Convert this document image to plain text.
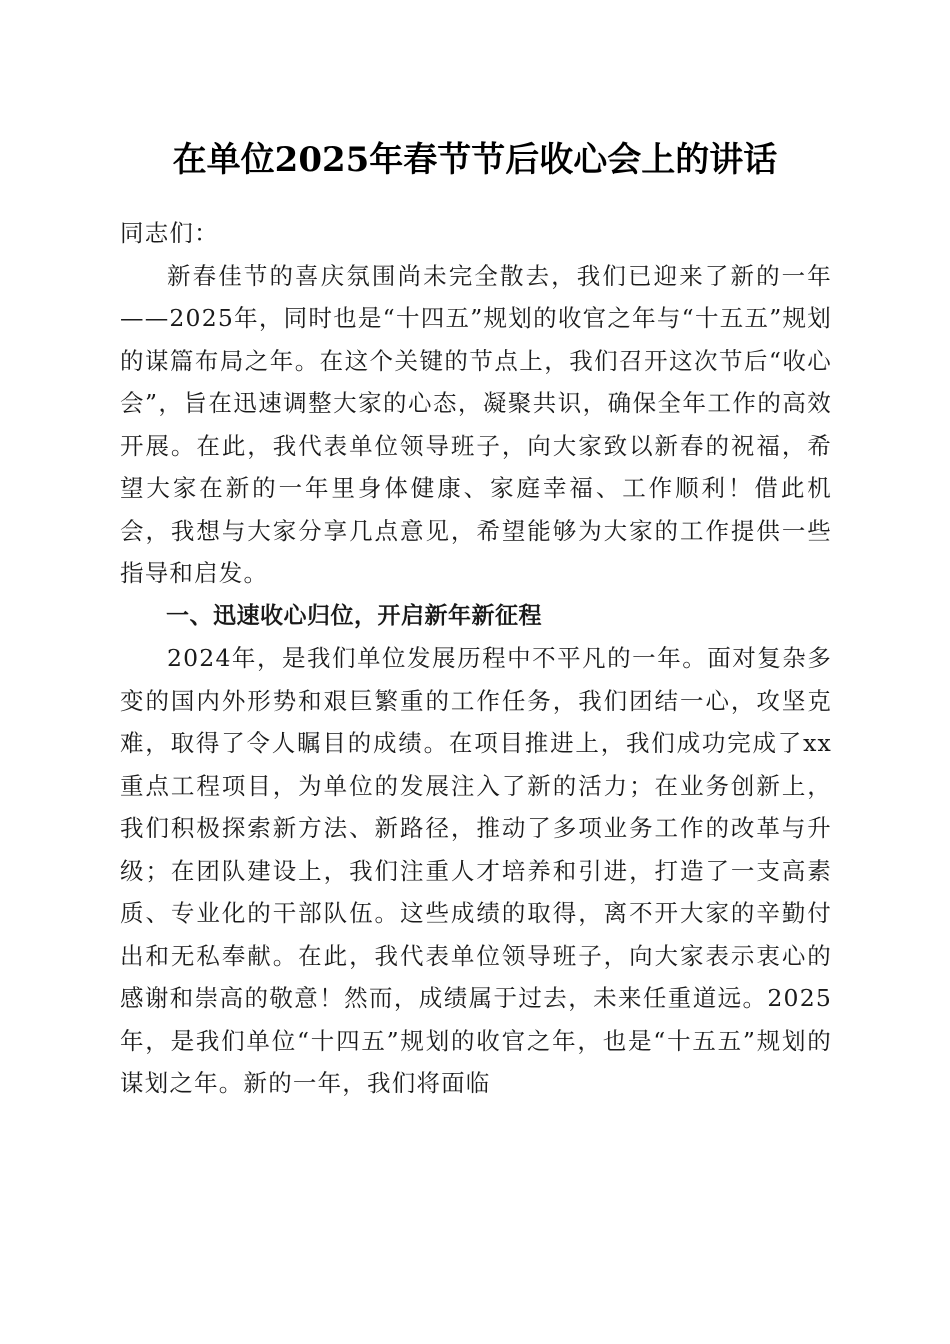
在单位2025年春节节后收心会上的讲话

同志们：

新春佳节的喜庆氛围尚未完全散去，我们已迎来了新的一年——2025年，同时也是“十四五”规划的收官之年与“十五五”规划的谋篇布局之年。在这个关键的节点上，我们召开这次节后“收心会”，旨在迅速调整大家的心态，凝聚共识，确保全年工作的高效开展。在此，我代表单位领导班子，向大家致以新春的祝福，希望大家在新的一年里身体健康、家庭幸福、工作顺利！借此机会，我想与大家分享几点意见，希望能够为大家的工作提供一些指导和启发。

一、迅速收心归位，开启新年新征程

2024年，是我们单位发展历程中不平凡的一年。面对复杂多变的国内外形势和艰巨繁重的工作任务，我们团结一心，攻坚克难，取得了令人瞩目的成绩。在项目推进上，我们成功完成了xx重点工程项目，为单位的发展注入了新的活力；在业务创新上，我们积极探索新方法、新路径，推动了多项业务工作的改革与升级；在团队建设上，我们注重人才培养和引进，打造了一支高素质、专业化的干部队伍。这些成绩的取得，离不开大家的辛勤付出和无私奉献。在此，我代表单位领导班子，向大家表示衷心的感谢和崇高的敬意！然而，成绩属于过去，未来任重道远。2025年，是我们单位“十四五”规划的收官之年，也是“十五五”规划的谋划之年。新的一年，我们将面临
